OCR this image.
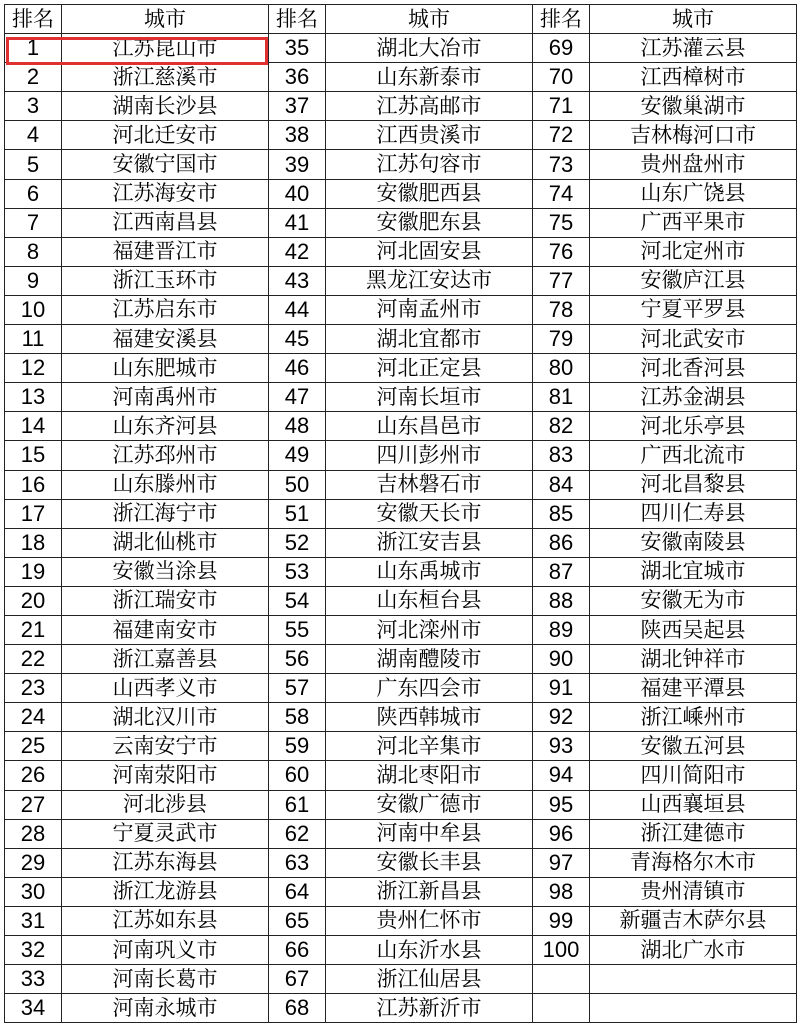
排名	城市	排名	城市	排名	城市
1	江苏昆山市	35	湖北大冶市	69	江苏灌云县
2	浙江慈溪市	36	山东新泰市	70	江西樟树市
3	湖南长沙县	37	江苏高邮市	71	安徽巢湖市
4	河北迁安市	38	江西贵溪市	72	吉林梅河口市
5	安徽宁国市	39	江苏句容市	73	贵州盘州市
6	江苏海安市	40	安徽肥西县	74	山东广饶县
7	江西南昌县	41	安徽肥东县	75	广西平果市
8	福建晋江市	42	河北固安县	76	河北定州市
9	浙江玉环市	43	黑龙江安达市	77	安徽庐江县
10	江苏启东市	44	河南孟州市	78	宁夏平罗县
11	福建安溪县	45	湖北宜都市	79	河北武安市
12	山东肥城市	46	河北正定县	80	河北香河县
13	河南禹州市	47	河南长垣市	81	江苏金湖县
14	山东齐河县	48	山东昌邑市	82	河北乐亭县
15	江苏邳州市	49	四川彭州市	83	广西北流市
16	山东滕州市	50	吉林磐石市	84	河北昌黎县
17	浙江海宁市	51	安徽天长市	85	四川仁寿县
18	湖北仙桃市	52	浙江安吉县	86	安徽南陵县
19	安徽当涂县	53	山东禹城市	87	湖北宜城市
20	浙江瑞安市	54	山东桓台县	88	安徽无为市
21	福建南安市	55	河北滦州市	89	陕西吴起县
22	浙江嘉善县	56	湖南醴陵市	90	湖北钟祥市
23	山西孝义市	57	广东四会市	91	福建平潭县
24	湖北汉川市	58	陕西韩城市	92	浙江嵊州市
25	云南安宁市	59	河北辛集市	93	安徽五河县
26	河南荥阳市	60	湖北枣阳市	94	四川简阳市
27	河北涉县	61	安徽广德市	95	山西襄垣县
28	宁夏灵武市	62	河南中牟县	96	浙江建德市
29	江苏东海县	63	安徽长丰县	97	青海格尔木市
30	浙江龙游县	64	浙江新昌县	98	贵州清镇市
31	江苏如东县	65	贵州仁怀市	99	新疆吉木萨尔县
32	河南巩义市	66	山东沂水县	100	湖北广水市
33	河南长葛市	67	浙江仙居县		
34	河南永城市	68	江苏新沂市		
